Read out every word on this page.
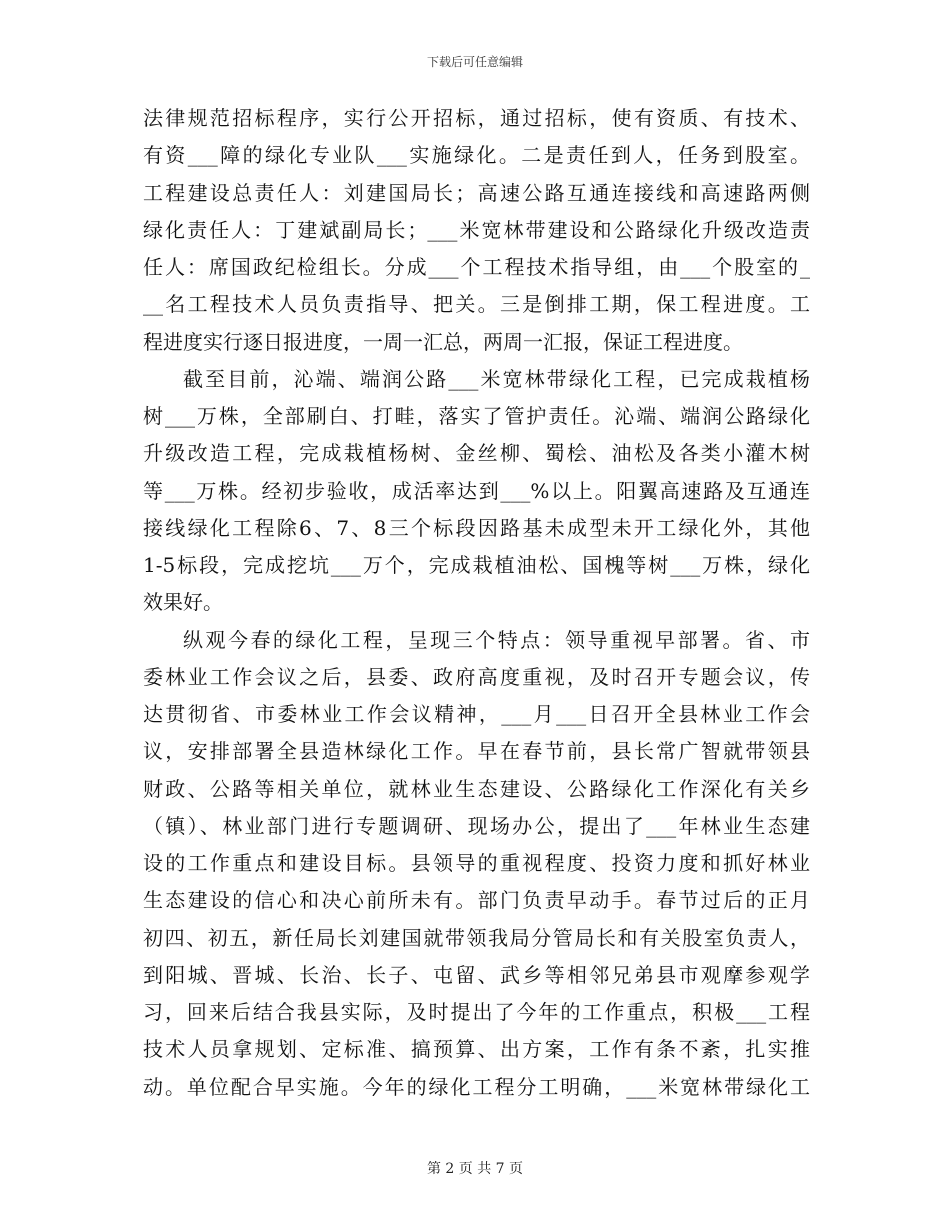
下载后可任意编辑
法律规范招标程序，实行公开招标，通过招标，使有资质、有技术、
有资___障的绿化专业队___实施绿化。二是责任到人，任务到股室。
工程建设总责任人：刘建国局长；高速公路互通连接线和高速路两侧
绿化责任人：丁建斌副局长；___米宽林带建设和公路绿化升级改造责
任人：席国政纪检组长。分成___个工程技术指导组，由___个股室的_
__名工程技术人员负责指导、把关。三是倒排工期，保工程进度。工
程进度实行逐日报进度，一周一汇总，两周一汇报，保证工程进度。
截至目前，沁端、端润公路___米宽林带绿化工程，已完成栽植杨
树___万株，全部刷白、打畦，落实了管护责任。沁端、端润公路绿化
升级改造工程，完成栽植杨树、金丝柳、蜀桧、油松及各类小灌木树
等___万株。经初步验收，成活率达到___%以上。阳翼高速路及互通连
接线绿化工程除6、7、8三个标段因路基未成型未开工绿化外，其他
1-5标段，完成挖坑___万个，完成栽植油松、国槐等树___万株，绿化
效果好。
纵观今春的绿化工程，呈现三个特点：领导重视早部署。省、市
委林业工作会议之后，县委、政府高度重视，及时召开专题会议，传
达贯彻省、市委林业工作会议精神，___月___日召开全县林业工作会
议，安排部署全县造林绿化工作。早在春节前，县长常广智就带领县
财政、公路等相关单位，就林业生态建设、公路绿化工作深化有关乡
（镇）、林业部门进行专题调研、现场办公，提出了___年林业生态建
设的工作重点和建设目标。县领导的重视程度、投资力度和抓好林业
生态建设的信心和决心前所未有。部门负责早动手。春节过后的正月
初四、初五，新任局长刘建国就带领我局分管局长和有关股室负责人，
到阳城、晋城、长治、长子、屯留、武乡等相邻兄弟县市观摩参观学
习，回来后结合我县实际，及时提出了今年的工作重点，积极___工程
技术人员拿规划、定标准、搞预算、出方案，工作有条不紊，扎实推
动。单位配合早实施。今年的绿化工程分工明确，___米宽林带绿化工
第 2 页 共 7 页
